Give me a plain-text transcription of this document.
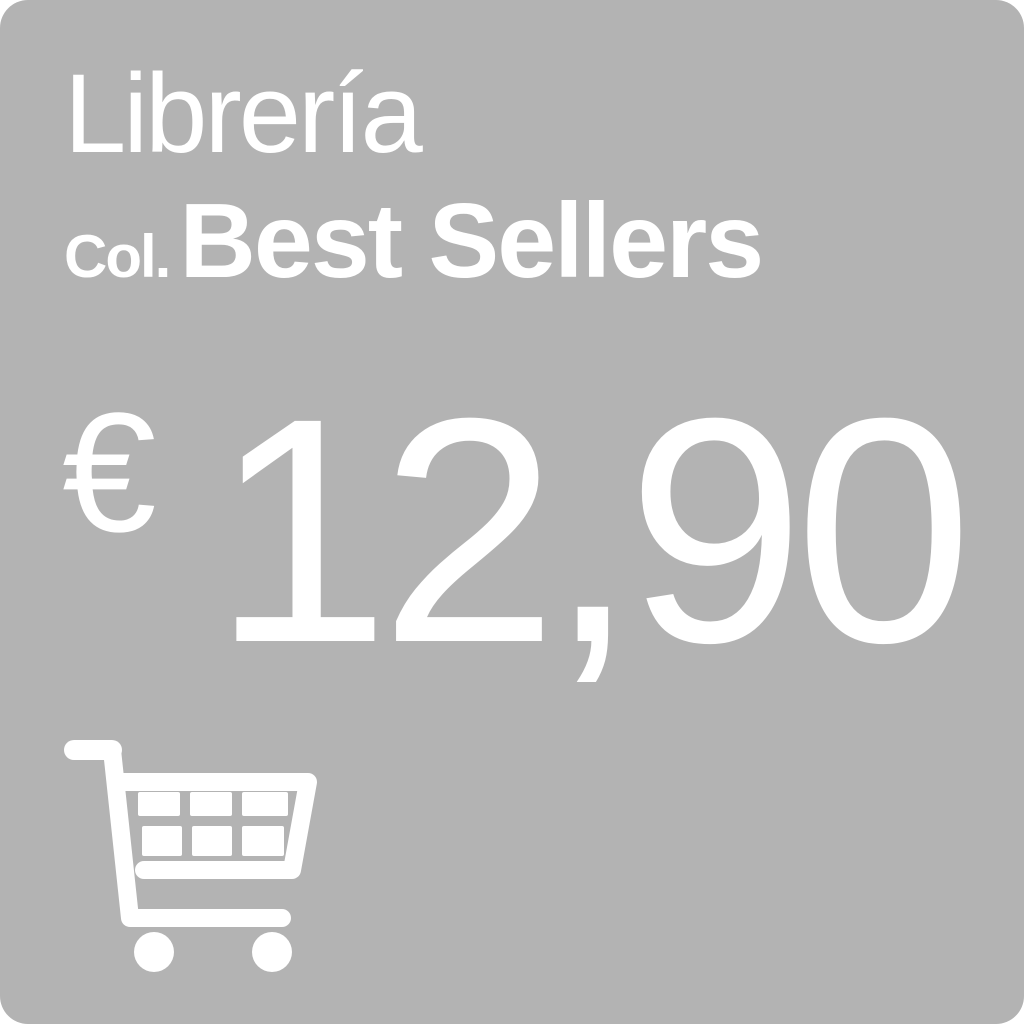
Librería
Col.Best Sellers
€ 12,90
